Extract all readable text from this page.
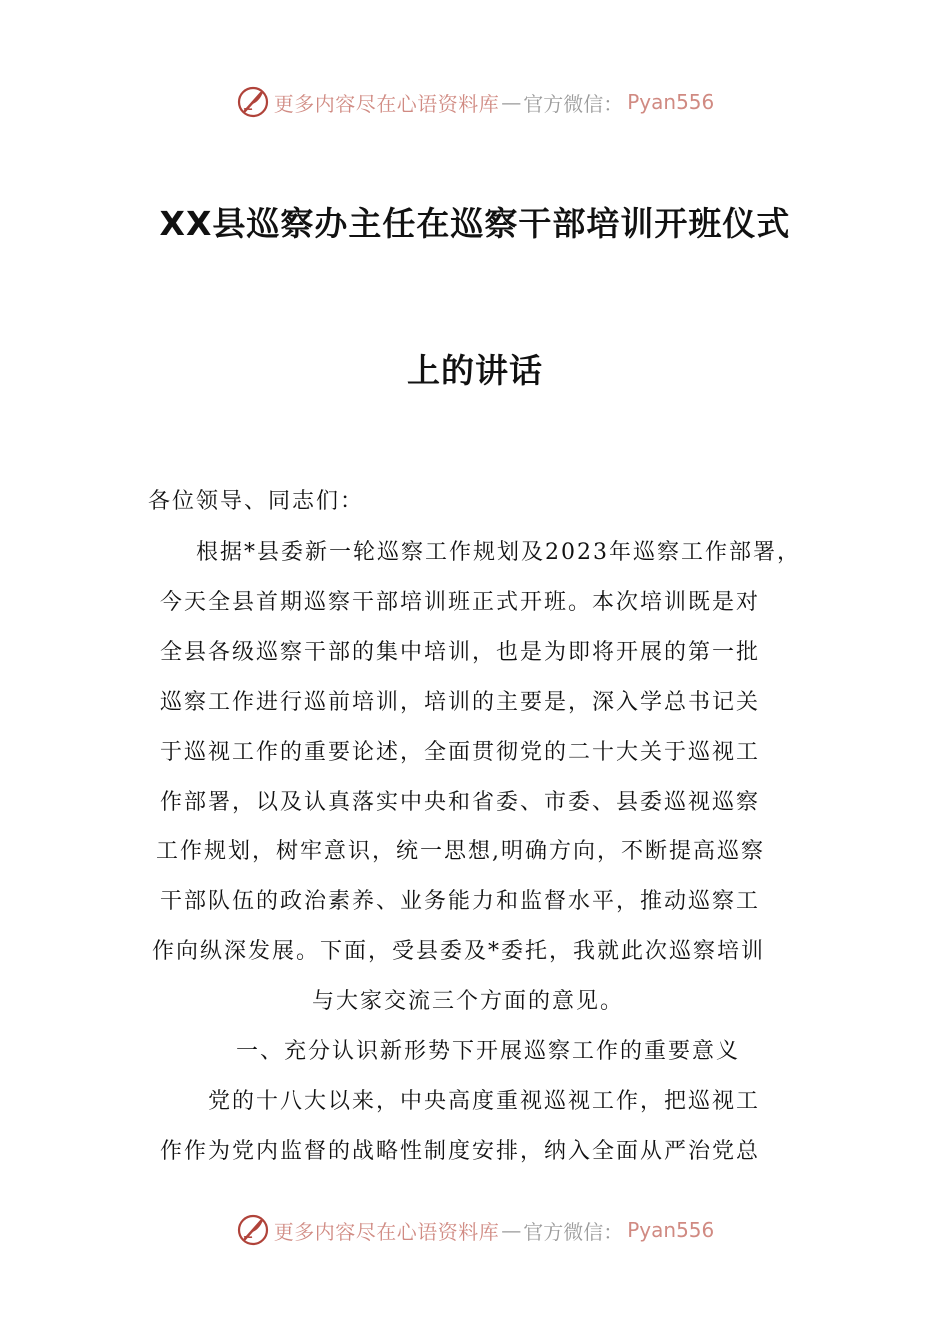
更多内容尽在心语资料库 — 官方微信： Pyan556
XX县巡察办主任在巡察干部培训开班仪式
上的讲话
各位领导、同志们：
根据*县委新一轮巡察工作规划及2023年巡察工作部署，
今天全县首期巡察干部培训班正式开班。本次培训既是对
全县各级巡察干部的集中培训，也是为即将开展的第一批
巡察工作进行巡前培训，培训的主要是，深入学总书记关
于巡视工作的重要论述，全面贯彻党的二十大关于巡视工
作部署，以及认真落实中央和省委、市委、县委巡视巡察
工作规划，树牢意识，统一思想,明确方向，不断提高巡察
干部队伍的政治素养、业务能力和监督水平，推动巡察工
作向纵深发展。下面，受县委及*委托，我就此次巡察培训
与大家交流三个方面的意见。
一、充分认识新形势下开展巡察工作的重要意义
党的十八大以来，中央高度重视巡视工作，把巡视工
作作为党内监督的战略性制度安排，纳入全面从严治党总
更多内容尽在心语资料库 — 官方微信： Pyan556
